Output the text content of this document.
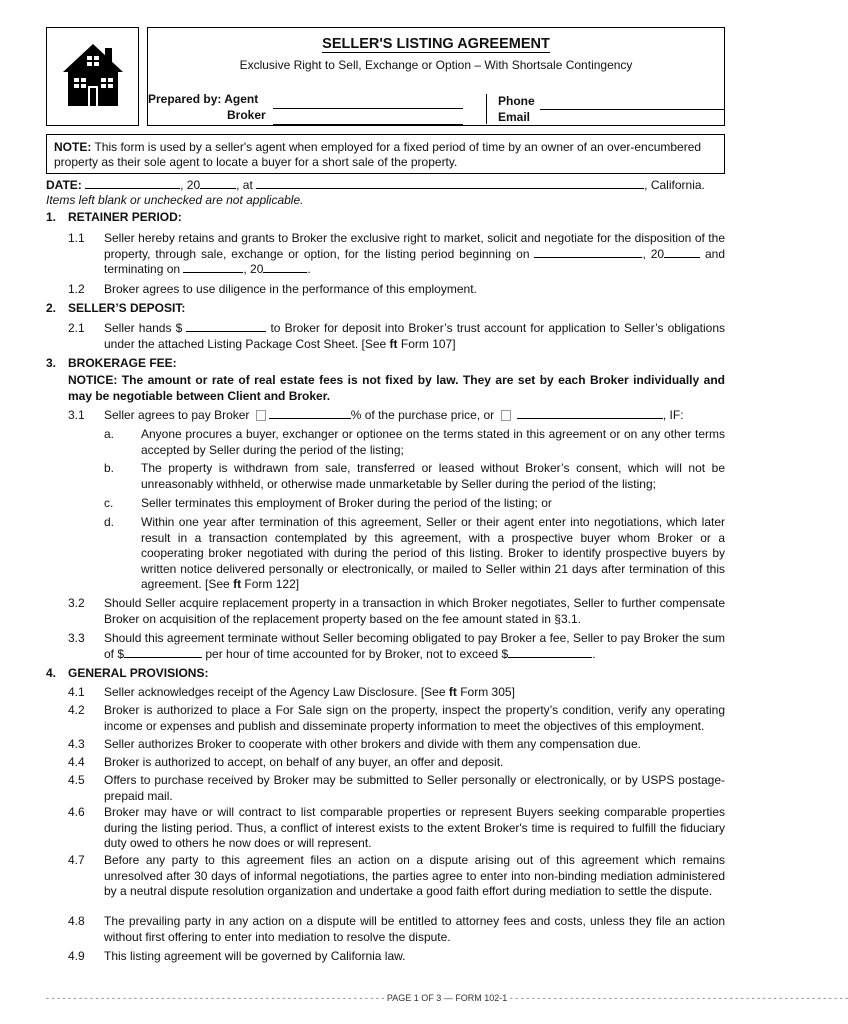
SELLER'S LISTING AGREEMENT
Exclusive Right to Sell, Exchange or Option – With Shortsale Contingency
Prepared by: Agent
Broker
Phone
Email
NOTE: This form is used by a seller's agent when employed for a fixed period of time by an owner of an over-encumbered property as their sole agent to locate a buyer for a short sale of the property.
DATE:	, 20	, at	, California.
Items left blank or unchecked are not applicable.
1. RETAINER PERIOD:
1.1 Seller hereby retains and grants to Broker the exclusive right to market, solicit and negotiate for the disposition of the property, through sale, exchange or option, for the listing period beginning on	, 20	and terminating on	, 20	.
1.2 Broker agrees to use diligence in the performance of this employment.
2. SELLER’S DEPOSIT:
2.1 Seller hands $	to Broker for deposit into Broker’s trust account for application to Seller’s obligations under the attached Listing Package Cost Sheet. [See ft Form 107]
3. BROKERAGE FEE:
NOTICE: The amount or rate of real estate fees is not fixed by law. They are set by each Broker individually and may be negotiable between Client and Broker.
3.1 Seller agrees to pay Broker	% of the purchase price, or	, IF:
a. Anyone procures a buyer, exchanger or optionee on the terms stated in this agreement or on any other terms accepted by Seller during the period of the listing;
b. The property is withdrawn from sale, transferred or leased without Broker’s consent, which will not be unreasonably withheld, or otherwise made unmarketable by Seller during the period of the listing;
c. Seller terminates this employment of Broker during the period of the listing; or
d. Within one year after termination of this agreement, Seller or their agent enter into negotiations, which later result in a transaction contemplated by this agreement, with a prospective buyer whom Broker or a cooperating broker negotiated with during the period of this listing. Broker to identify prospective buyers by written notice delivered personally or electronically, or mailed to Seller within 21 days after termination of this agreement. [See ft Form 122]
3.2 Should Seller acquire replacement property in a transaction in which Broker negotiates, Seller to further compensate Broker on acquisition of the replacement property based on the fee amount stated in §3.1.
3.3 Should this agreement terminate without Seller becoming obligated to pay Broker a fee, Seller to pay Broker the sum of $	per hour of time accounted for by Broker, not to exceed $	.
4. GENERAL PROVISIONS:
4.1 Seller acknowledges receipt of the Agency Law Disclosure. [See ft Form 305]
4.2 Broker is authorized to place a For Sale sign on the property, inspect the property’s condition, verify any operating income or expenses and publish and disseminate property information to meet the objectives of this employment.
4.3 Seller authorizes Broker to cooperate with other brokers and divide with them any compensation due.
4.4 Broker is authorized to accept, on behalf of any buyer, an offer and deposit.
4.5 Offers to purchase received by Broker may be submitted to Seller personally or electronically, or by USPS postage-prepaid mail.
4.6 Broker may have or will contract to list comparable properties or represent Buyers seeking comparable properties during the listing period. Thus, a conflict of interest exists to the extent Broker's time is required to fulfill the fiduciary duty owed to others he now does or will represent.
4.7 Before any party to this agreement files an action on a dispute arising out of this agreement which remains unresolved after 30 days of informal negotiations, the parties agree to enter into non-binding mediation administered by a neutral dispute resolution organization and undertake a good faith effort during mediation to settle the dispute.
4.8 The prevailing party in any action on a dispute will be entitled to attorney fees and costs, unless they file an action without first offering to enter into mediation to resolve the dispute.
4.9 This listing agreement will be governed by California law.
- - - - - - - - - - - - - - - - - - - - - - - - - - - - - - - - - - - - - - - - - - - - - - - - - - - - - - - - - - - - - - PAGE 1 OF 3 — FORM 102-1 - - - - - - - - - - - - - - - - - - - - - - - - - - - - - - - - - - - - - - - - - - - - - - - - - - - - - - - - - - - - - -
